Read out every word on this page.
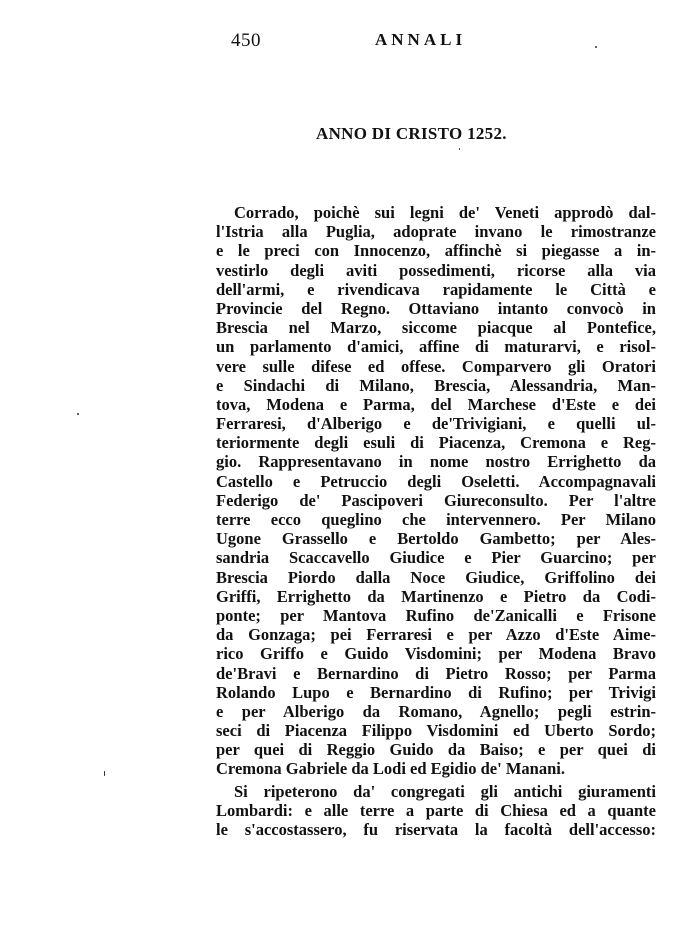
450	ANNALI
ANNO DI CRISTO 1252.
Corrado, poichè sui legni de' Veneti approdò dal-
l'Istria alla Puglia, adoprate invano le rimostranze
e le preci con Innocenzo, affinchè si piegasse a in-
vestirlo degli aviti possedimenti, ricorse alla via
dell'armi, e rivendicava rapidamente le Città e
Provincie del Regno. Ottaviano intanto convocò in
Brescia nel Marzo, siccome piacque al Pontefice,
un parlamento d'amici, affine di maturarvi, e risol-
vere sulle difese ed offese. Comparvero gli Oratori
e Sindachi di Milano, Brescia, Alessandria, Man-
tova, Modena e Parma, del Marchese d'Este e dei
Ferraresi, d'Alberigo e de'Trivigiani, e quelli ul-
teriormente degli esuli di Piacenza, Cremona e Reg-
gio. Rappresentavano in nome nostro Errighetto da
Castello e Petruccio degli Oseletti. Accompagnavali
Federigo de' Pascipoveri Giureconsulto. Per l'altre
terre ecco queglino che intervennero. Per Milano
Ugone Grassello e Bertoldo Gambetto; per Ales-
sandria Scaccavello Giudice e Pier Guarcino; per
Brescia Piordo dalla Noce Giudice, Griffolino dei
Griffi, Errighetto da Martinenzo e Pietro da Codi-
ponte; per Mantova Rufino de'Zanicalli e Frisone
da Gonzaga; pei Ferraresi e per Azzo d'Este Aime-
rico Griffo e Guido Visdomini; per Modena Bravo
de'Bravi e Bernardino di Pietro Rosso; per Parma
Rolando Lupo e Bernardino di Rufino; per Trivigi
e per Alberigo da Romano, Agnello; pegli estrin-
seci di Piacenza Filippo Visdomini ed Uberto Sordo;
per quei di Reggio Guido da Baiso; e per quei di
Cremona Gabriele da Lodi ed Egidio de' Manani.
Si ripeterono da' congregati gli antichi giuramenti
Lombardi: e alle terre a parte di Chiesa ed a quante
le s'accostassero, fu riservata la facoltà dell'accesso:
